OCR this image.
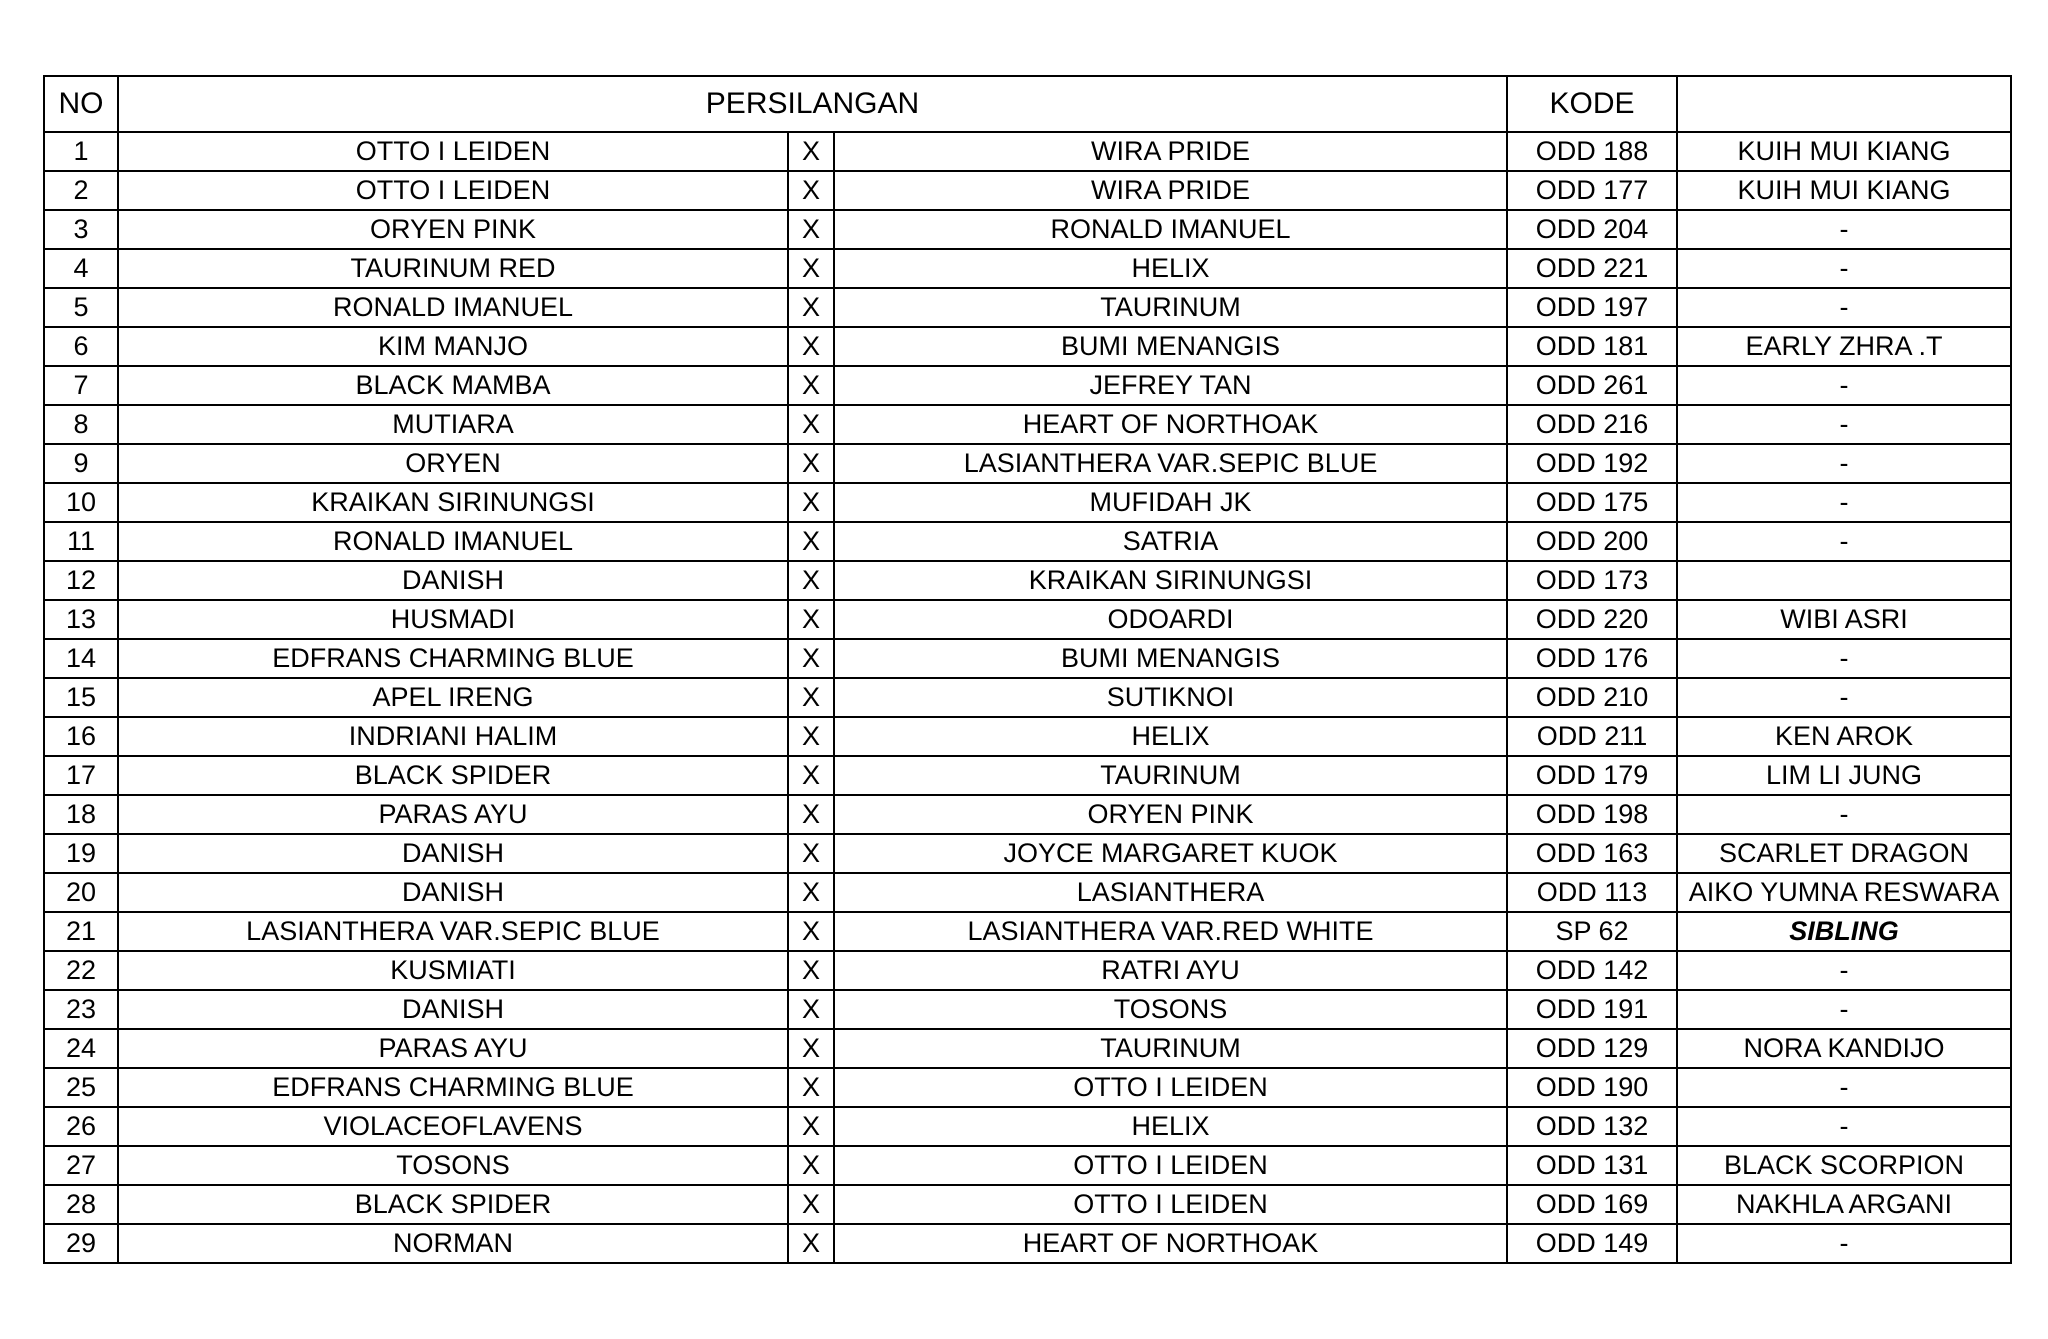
NO	PERSILANGAN			KODE	
1	OTTO I LEIDEN	X	WIRA PRIDE	ODD 188	KUIH MUI KIANG
2	OTTO I LEIDEN	X	WIRA PRIDE	ODD 177	KUIH MUI KIANG
3	ORYEN PINK	X	RONALD IMANUEL	ODD 204	-
4	TAURINUM RED	X	HELIX	ODD 221	-
5	RONALD IMANUEL	X	TAURINUM	ODD 197	-
6	KIM MANJO	X	BUMI MENANGIS	ODD 181	EARLY ZHRA .T
7	BLACK MAMBA	X	JEFREY TAN	ODD 261	-
8	MUTIARA	X	HEART OF NORTHOAK	ODD 216	-
9	ORYEN	X	LASIANTHERA VAR.SEPIC BLUE	ODD 192	-
10	KRAIKAN SIRINUNGSI	X	MUFIDAH JK	ODD 175	-
11	RONALD IMANUEL	X	SATRIA	ODD 200	-
12	DANISH	X	KRAIKAN SIRINUNGSI	ODD 173	
13	HUSMADI	X	ODOARDI	ODD 220	WIBI ASRI
14	EDFRANS CHARMING BLUE	X	BUMI MENANGIS	ODD 176	-
15	APEL IRENG	X	SUTIKNOI	ODD 210	-
16	INDRIANI HALIM	X	HELIX	ODD 211	KEN AROK
17	BLACK SPIDER	X	TAURINUM	ODD 179	LIM LI JUNG
18	PARAS AYU	X	ORYEN PINK	ODD 198	-
19	DANISH	X	JOYCE MARGARET KUOK	ODD 163	SCARLET DRAGON
20	DANISH	X	LASIANTHERA	ODD 113	AIKO YUMNA RESWARA
21	LASIANTHERA VAR.SEPIC BLUE	X	LASIANTHERA VAR.RED WHITE	SP 62	SIBLING
22	KUSMIATI	X	RATRI AYU	ODD 142	-
23	DANISH	X	TOSONS	ODD 191	-
24	PARAS AYU	X	TAURINUM	ODD 129	NORA KANDIJO
25	EDFRANS CHARMING BLUE	X	OTTO I LEIDEN	ODD 190	-
26	VIOLACEOFLAVENS	X	HELIX	ODD 132	-
27	TOSONS	X	OTTO I LEIDEN	ODD 131	BLACK SCORPION
28	BLACK SPIDER	X	OTTO I LEIDEN	ODD 169	NAKHLA ARGANI
29	NORMAN	X	HEART OF NORTHOAK	ODD 149	-
